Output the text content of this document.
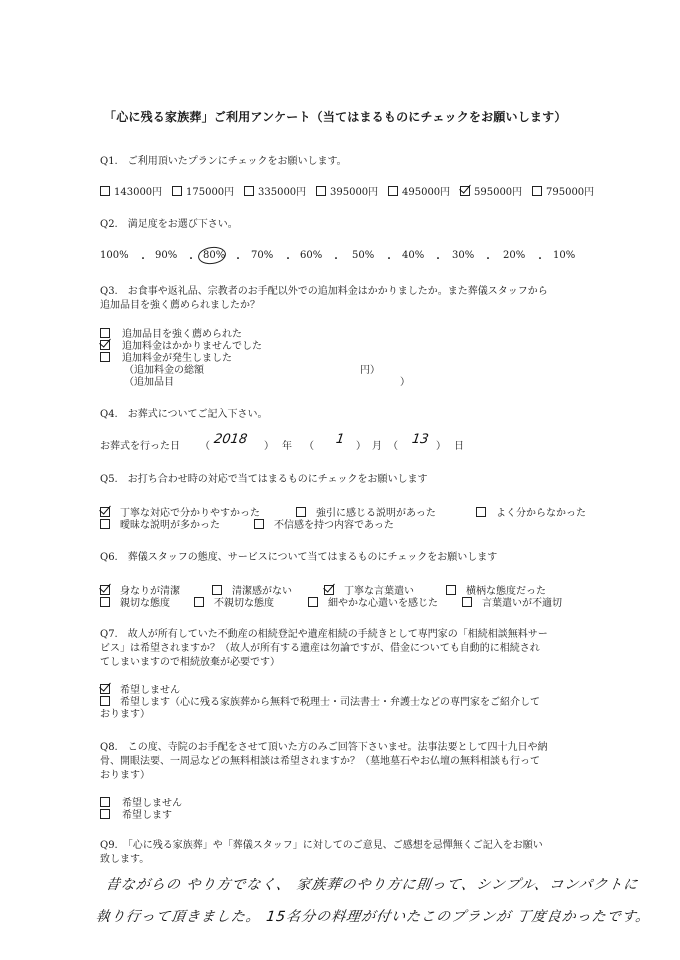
「心に残る家族葬」ご利用アンケート（当てはまるものにチェックをお願いします）
Q1.　ご利用頂いたプランにチェックをお願いします。
143000円 175000円 335000円 395000円 495000円 595000円 795000円
Q2.　満足度をお選び下さい。
100% ・ 90% ・ 80% ・ 70% ・ 60% ・ 50% ・ 40% ・ 30% ・ 20% ・ 10%
Q3.　お食事や返礼品、宗教者のお手配以外での追加料金はかかりましたか。また葬儀スタッフから
追加品目を強く薦められましたか？
追加品目を強く薦められた
追加料金はかかりませんでした
追加料金が発生しました
（追加料金の総額	円）
（追加品目	）
Q4.　お葬式についてご記入下さい。
お葬式を行った日 （ 2018 ） 年 （ 1 ） 月 （ 13 ） 日
Q5.　お打ち合わせ時の対応で当てはまるものにチェックをお願いします
丁寧な対応で分かりやすかった	強引に感じる説明があった	よく分からなかった
曖昧な説明が多かった	不信感を持つ内容であった
Q6.　葬儀スタッフの態度、サービスについて当てはまるものにチェックをお願いします
身なりが清潔	清潔感がない	丁寧な言葉遣い	横柄な態度だった
親切な態度	不親切な態度	細やかな心遣いを感じた	言葉遣いが不適切
Q7.　故人が所有していた不動産の相続登記や遺産相続の手続きとして専門家の「相続相談無料サー
ビス」は希望されますか？（故人が所有する遺産は勿論ですが、借金についても自動的に相続され
てしまいますので相続放棄が必要です）
希望しません
希望します（心に残る家族葬から無料で税理士・司法書士・弁護士などの専門家をご紹介して
おります）
Q8.　この度、寺院のお手配をさせて頂いた方のみご回答下さいませ。法事法要として四十九日や納
骨、開眼法要、一周忌などの無料相談は希望されますか？（墓地墓石やお仏壇の無料相談も行って
おります）
希望しません
希望します
Q9.　「心に残る家族葬」や「葬儀スタッフ」に対してのご意見、ご感想を忌憚無くご記入をお願い
致します。
昔ながらの やり方でなく、 家族葬のやり方に則って、シンプル、コンパクトに
執り行って頂きました。 15名分の料理が付いたこのプランが 丁度良かったです。
